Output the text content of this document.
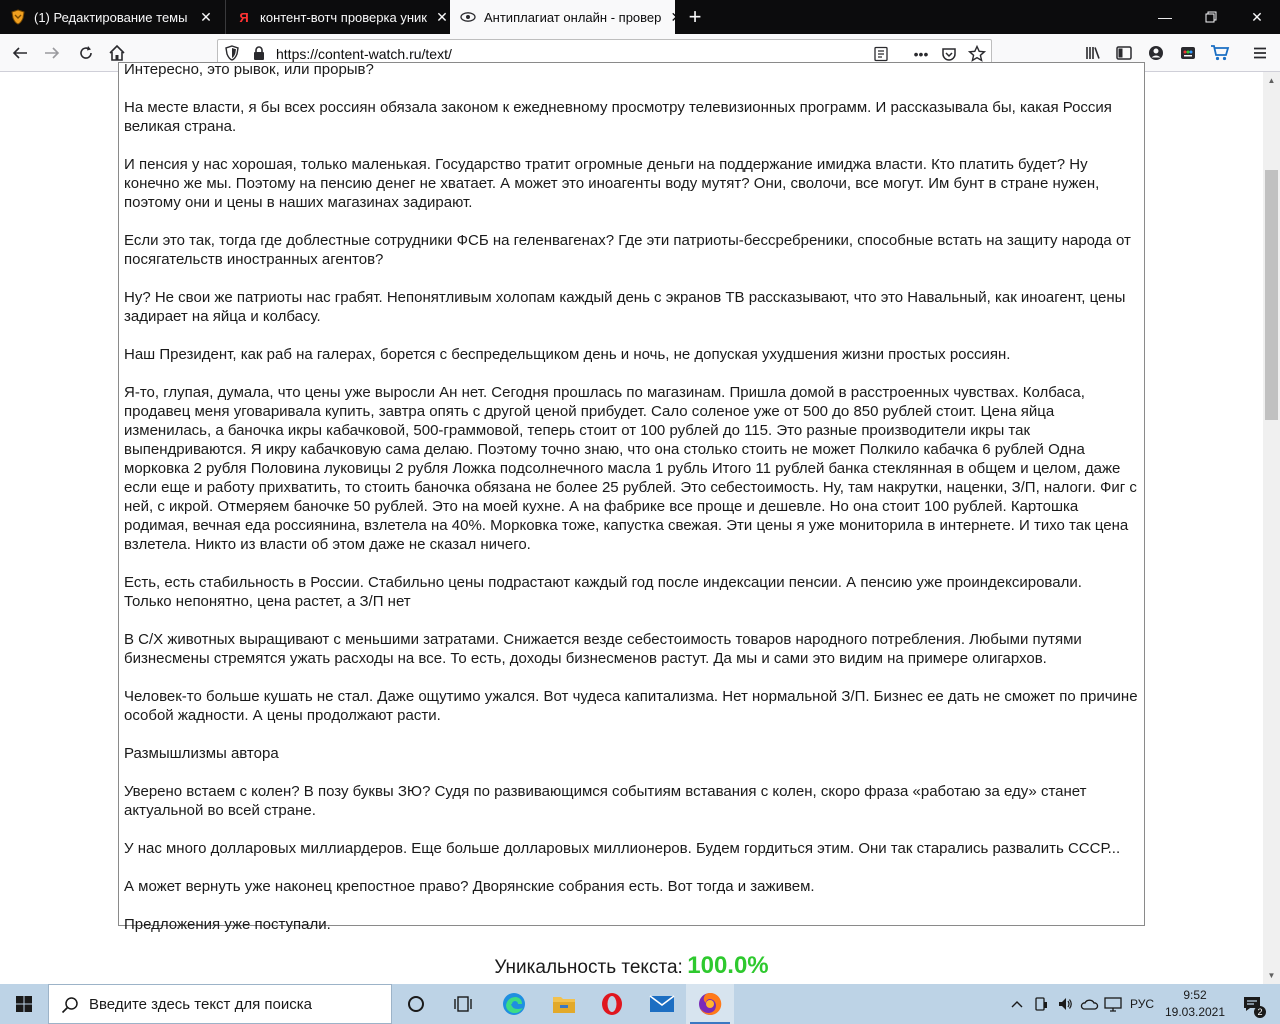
(1) Редактирование темы ✕ Я контент-вотч проверка уник ✕	Антиплагиат онлайн - провер ✕ +	—	✕
https://content-watch.ru/text/	•••

Интересно, это рывок, или прорыв?

На месте власти, я бы всех россиян обязала законом к ежедневному просмотру телевизионных программ. И рассказывала бы, какая Россия великая страна.

И пенсия у нас хорошая, только маленькая. Государство тратит огромные деньги на поддержание имиджа власти. Кто платить будет? Ну конечно же мы. Поэтому на пенсию денег не хватает. А может это иноагенты воду мутят? Они, сволочи, все могут. Им бунт в стране нужен, поэтому они и цены в наших магазинах задирают.

Если это так, тогда где доблестные сотрудники ФСБ на геленвагенах? Где эти патриоты-бессребреники, способные встать на защиту народа от посягательств иностранных агентов?

Ну? Не свои же патриоты нас грабят. Непонятливым холопам каждый день с экранов ТВ рассказывают, что это Навальный, как иноагент, цены задирает на яйца и колбасу.

Наш Президент, как раб на галерах, борется с беспредельщиком день и ночь, не допуская ухудшения жизни простых россиян.

Я-то, глупая, думала, что цены уже выросли Ан нет. Сегодня прошлась по магазинам. Пришла домой в расстроенных чувствах. Колбаса, продавец меня уговаривала купить, завтра опять с другой ценой прибудет. Сало соленое уже от 500 до 850 рублей стоит. Цена яйца изменилась, а баночка икры кабачковой, 500-граммовой, теперь стоит от 100 рублей до 115. Это разные производители икры так выпендриваются. Я икру кабачковую сама делаю. Поэтому точно знаю, что она столько стоить не может Полкило кабачка 6 рублей Одна морковка 2 рубля Половина луковицы 2 рубля Ложка подсолнечного масла 1 рубль Итого 11 рублей банка стеклянная в общем и целом, даже если еще и работу прихватить, то стоить баночка обязана не более 25 рублей. Это себестоимость. Ну, там накрутки, наценки, З/П, налоги. Фиг с ней, с икрой. Отмеряем баночке 50 рублей. Это на моей кухне. А на фабрике все проще и дешевле. Но она стоит 100 рублей. Картошка родимая, вечная еда россиянина, взлетела на 40%. Морковка тоже, капустка свежая. Эти цены я уже мониторила в интернете. И тихо так цена взлетела. Никто из власти об этом даже не сказал ничего.

Есть, есть стабильность в России. Стабильно цены подрастают каждый год после индексации пенсии. А пенсию уже проиндексировали.
Только непонятно, цена растет, а З/П нет

В С/Х животных выращивают с меньшими затратами. Снижается везде себестоимость товаров народного потребления. Любыми путями бизнесмены стремятся ужать расходы на все. То есть, доходы бизнесменов растут. Да мы и сами это видим на примере олигархов.

Человек-то больше кушать не стал. Даже ощутимо ужался. Вот чудеса капитализма. Нет нормальной З/П. Бизнес ее дать не сможет по причине особой жадности. А цены продолжают расти.

Размышлизмы автора

Уверено встаем с колен? В позу буквы ЗЮ? Судя по развивающимся событиям вставания с колен, скоро фраза «работаю за еду» станет актуальной во всей стране.

У нас много долларовых миллиардеров. Еще больше долларовых миллионеров. Будем гордиться этим. Они так старались развалить СССР...

А может вернуть уже наконец крепостное право? Дворянские собрания есть. Вот тогда и заживем.

Предложения уже поступали.

Уникальность текста: 100.0%
▲
▼
Введите здесь текст для поиска	РУС
9:52
19.03.2021	2
